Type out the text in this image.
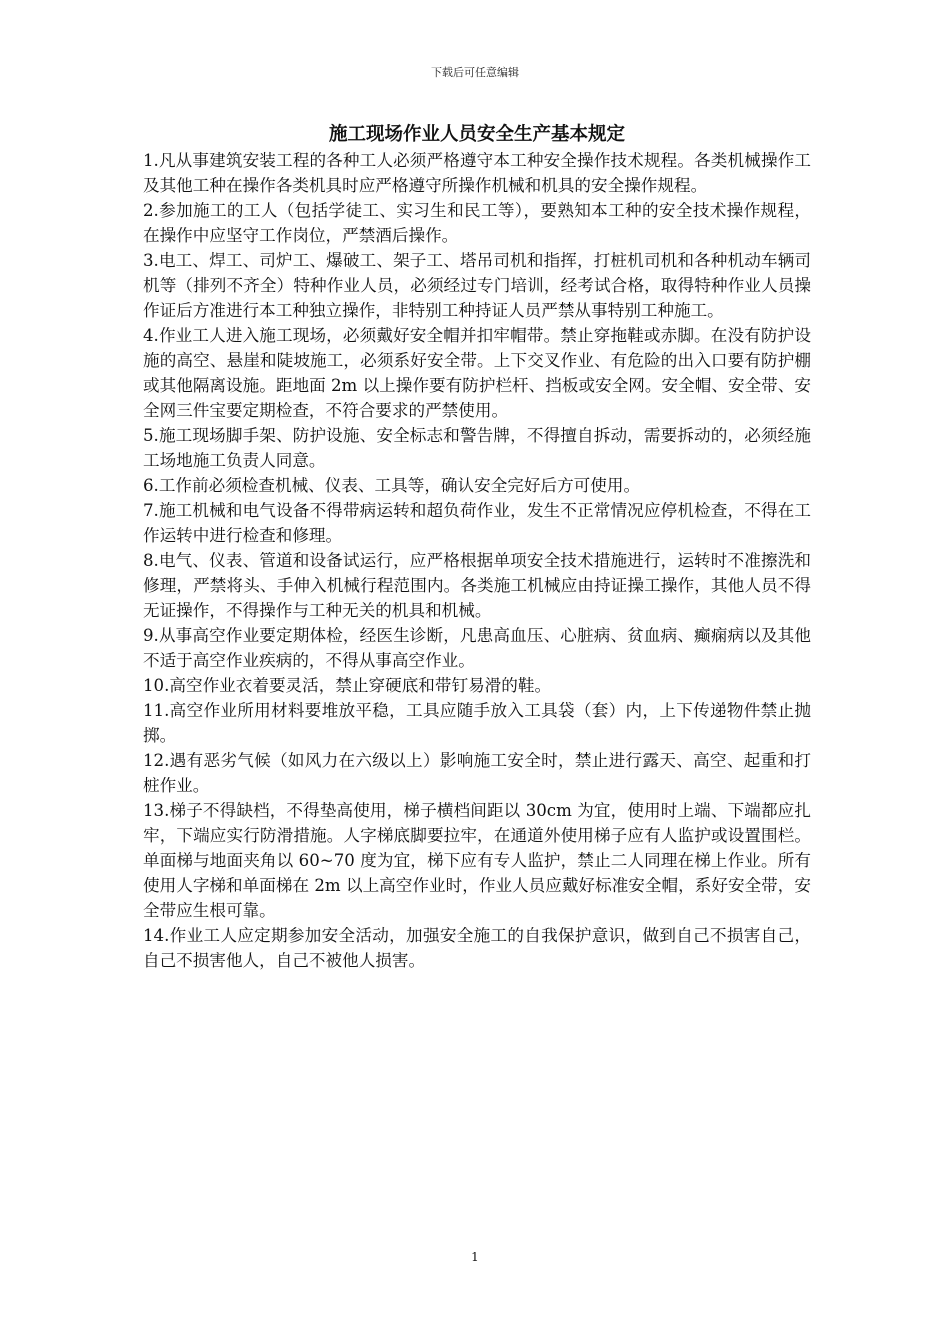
下载后可任意编辑
施工现场作业人员安全生产基本规定

1.凡从事建筑安装工程的各种工人必须严格遵守本工种安全操作技术规程。各类机械操作工及其他工种在操作各类机具时应严格遵守所操作机械和机具的安全操作规程。

2.参加施工的工人（包括学徒工、实习生和民工等），要熟知本工种的安全技术操作规程，在操作中应坚守工作岗位，严禁酒后操作。

3.电工、焊工、司炉工、爆破工、架子工、塔吊司机和指挥，打桩机司机和各种机动车辆司机等（排列不齐全）特种作业人员，必须经过专门培训，经考试合格，取得特种作业人员操作证后方准进行本工种独立操作，非特别工种持证人员严禁从事特别工种施工。

4.作业工人进入施工现场，必须戴好安全帽并扣牢帽带。禁止穿拖鞋或赤脚。在没有防护设施的高空、悬崖和陡坡施工，必须系好安全带。上下交叉作业、有危险的出入口要有防护棚或其他隔离设施。距地面 2m 以上操作要有防护栏杆、挡板或安全网。安全帽、安全带、安全网三件宝要定期检查，不符合要求的严禁使用。

5.施工现场脚手架、防护设施、安全标志和警告牌，不得擅自拆动，需要拆动的，必须经施工场地施工负责人同意。

6.工作前必须检查机械、仪表、工具等，确认安全完好后方可使用。

7.施工机械和电气设备不得带病运转和超负荷作业，发生不正常情况应停机检查，不得在工作运转中进行检查和修理。

8.电气、仪表、管道和设备试运行，应严格根据单项安全技术措施进行，运转时不准擦洗和修理，严禁将头、手伸入机械行程范围内。各类施工机械应由持证操工操作，其他人员不得无证操作，不得操作与工种无关的机具和机械。

9.从事高空作业要定期体检，经医生诊断，凡患高血压、心脏病、贫血病、癫痫病以及其他不适于高空作业疾病的，不得从事高空作业。

10.高空作业衣着要灵活，禁止穿硬底和带钉易滑的鞋。

11.高空作业所用材料要堆放平稳，工具应随手放入工具袋（套）内，上下传递物件禁止抛掷。

12.遇有恶劣气候（如风力在六级以上）影响施工安全时，禁止进行露天、高空、起重和打桩作业。

13.梯子不得缺档，不得垫高使用，梯子横档间距以 30cm 为宜，使用时上端、下端都应扎牢，下端应实行防滑措施。人字梯底脚要拉牢，在通道外使用梯子应有人监护或设置围栏。单面梯与地面夹角以 60~70 度为宜，梯下应有专人监护，禁止二人同理在梯上作业。所有使用人字梯和单面梯在 2m 以上高空作业时，作业人员应戴好标准安全帽，系好安全带，安全带应生根可靠。

14.作业工人应定期参加安全活动，加强安全施工的自我保护意识，做到自己不损害自己，自己不损害他人，自己不被他人损害。

1
